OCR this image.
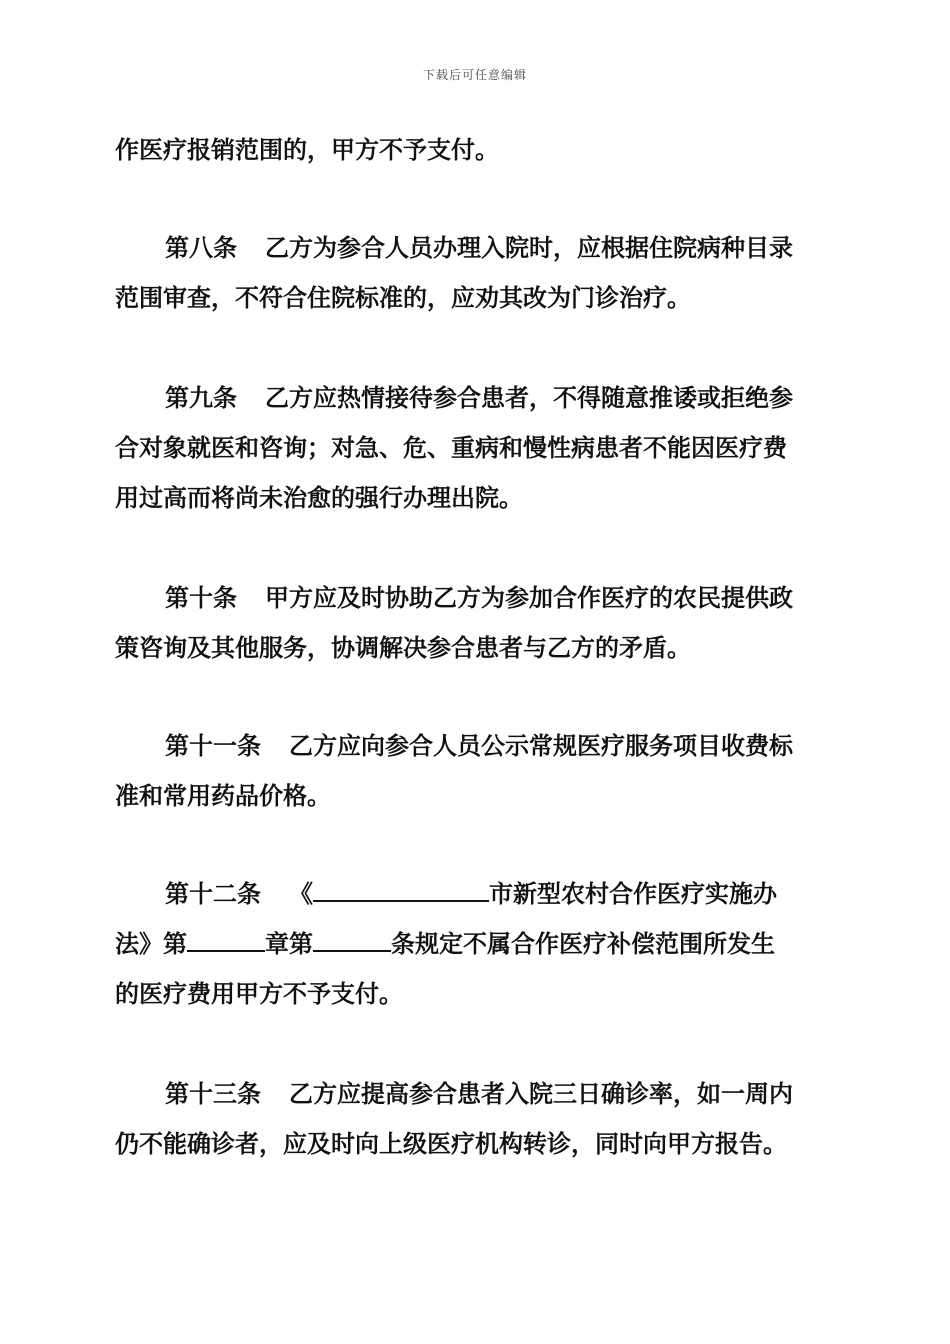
下载后可任意编辑
作医疗报销范围的，甲方不予支付。
第八条 乙方为参合人员办理入院时，应根据住院病种目录
范围审查，不符合住院标准的，应劝其改为门诊治疗。
第九条 乙方应热情接待参合患者，不得随意推诿或拒绝参
合对象就医和咨询；对急、危、重病和慢性病患者不能因医疗费
用过高而将尚未治愈的强行办理出院。
第十条 甲方应及时协助乙方为参加合作医疗的农民提供政
策咨询及其他服务，协调解决参合患者与乙方的矛盾。
第十一条 乙方应向参合人员公示常规医疗服务项目收费标
准和常用药品价格。
第十二条 《	市新型农村合作医疗实施办
法》第	章第	条规定不属合作医疗补偿范围所发生
的医疗费用甲方不予支付。
第十三条 乙方应提高参合患者入院三日确诊率，如一周内
仍不能确诊者，应及时向上级医疗机构转诊，同时向甲方报告。
